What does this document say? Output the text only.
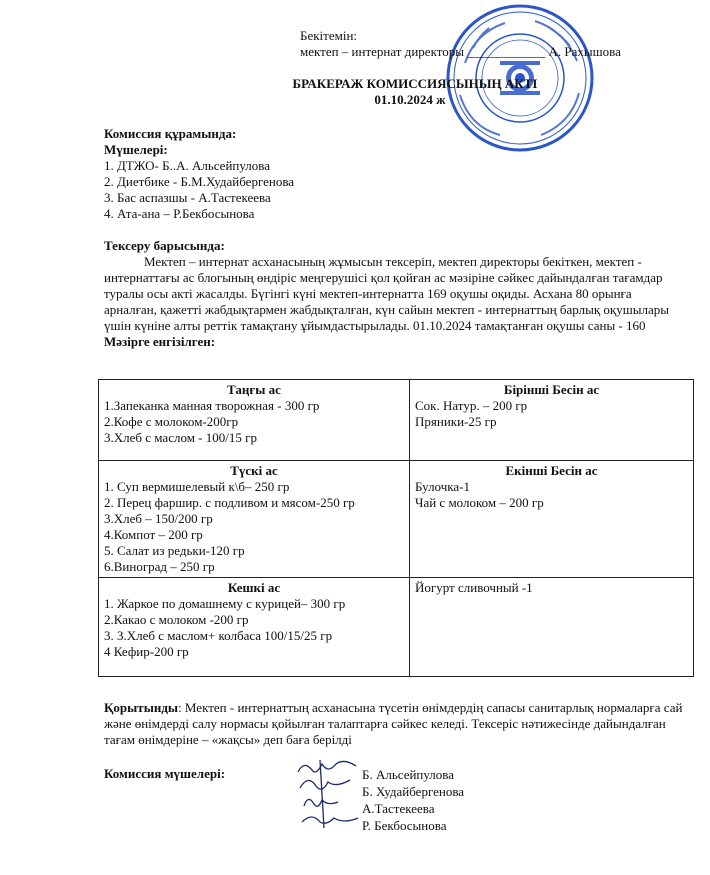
Бекітемін:
мектеп – интернат директоры ____________ А. Рахышова
БРАКЕРАЖ КОМИССИЯСЫНЫҢ АКТІ
01.10.2024 ж
Комиссия құрамында:
Мүшелері:
1. ДТЖО- Б..А. Альсейпулова
2. Диетбике - Б.М.Худайбергенова
3. Бас аспазшы - А.Тастекеева
4. Ата-ана – Р.Бекбосынова

Тексеру барысында:

Мектеп – интернат асханасының жұмысын тексеріп, мектеп директоры бекіткен, мектеп - интернаттағы ас блогының өндіріс меңгерушісі қол қойған ас мәзіріне сәйкес дайындалған тағамдар туралы осы акті жасалды. Бүгінгі күні мектеп-интернатта 169 оқушы оқиды. Асхана 80 орынға арналған, қажетті жабдықтармен жабдықталған, күн сайын мектеп - интернаттың барлық оқушылары үшін күніне алты реттік тамақтану ұйымдастырылады. 01.10.2024 тамақтанған оқушы саны - 160

Мәзірге енгізілген:

Таңғы ас
1.Запеканка манная творожная - 300 гр
2.Кофе с молоком-200гр
3.Хлеб с маслом - 100/15 гр
Бірінші Бесін ас
Сок. Натур. – 200 гр
Пряники-25 гр
Түскі ас
1. Суп вермишелевый к\б– 250 гр
2. Перец фаршир. с подливом и мясом-250 гр
3.Хлеб – 150/200 гр
4.Компот – 200 гр
5. Салат из редьки-120 гр
6.Виноград – 250 гр
Екінші Бесін ас
Булочка-1
Чай с молоком – 200 гр
Кешкі ас
1. Жаркое по домашнему с курицей– 300 гр
2.Какао с молоком -200 гр
3. 3.Хлеб с маслом+ колбаса 100/15/25 гр
4 Кефир-200 гр
Йогурт сливочный -1
Қорытынды: Мектеп - интернаттың асханасына түсетін өнімдердің сапасы санитарлық нормаларға сай және өнімдерді салу нормасы қойылған талаптарға сәйкес келеді. Тексеріс нәтижесінде дайындалған тағам өнімдеріне – «жақсы» деп баға берілді
Комиссия мүшелері:	Б. Альсейпулова
Б. Худайбергенова
А.Тастекеева
Р. Бекбосынова
